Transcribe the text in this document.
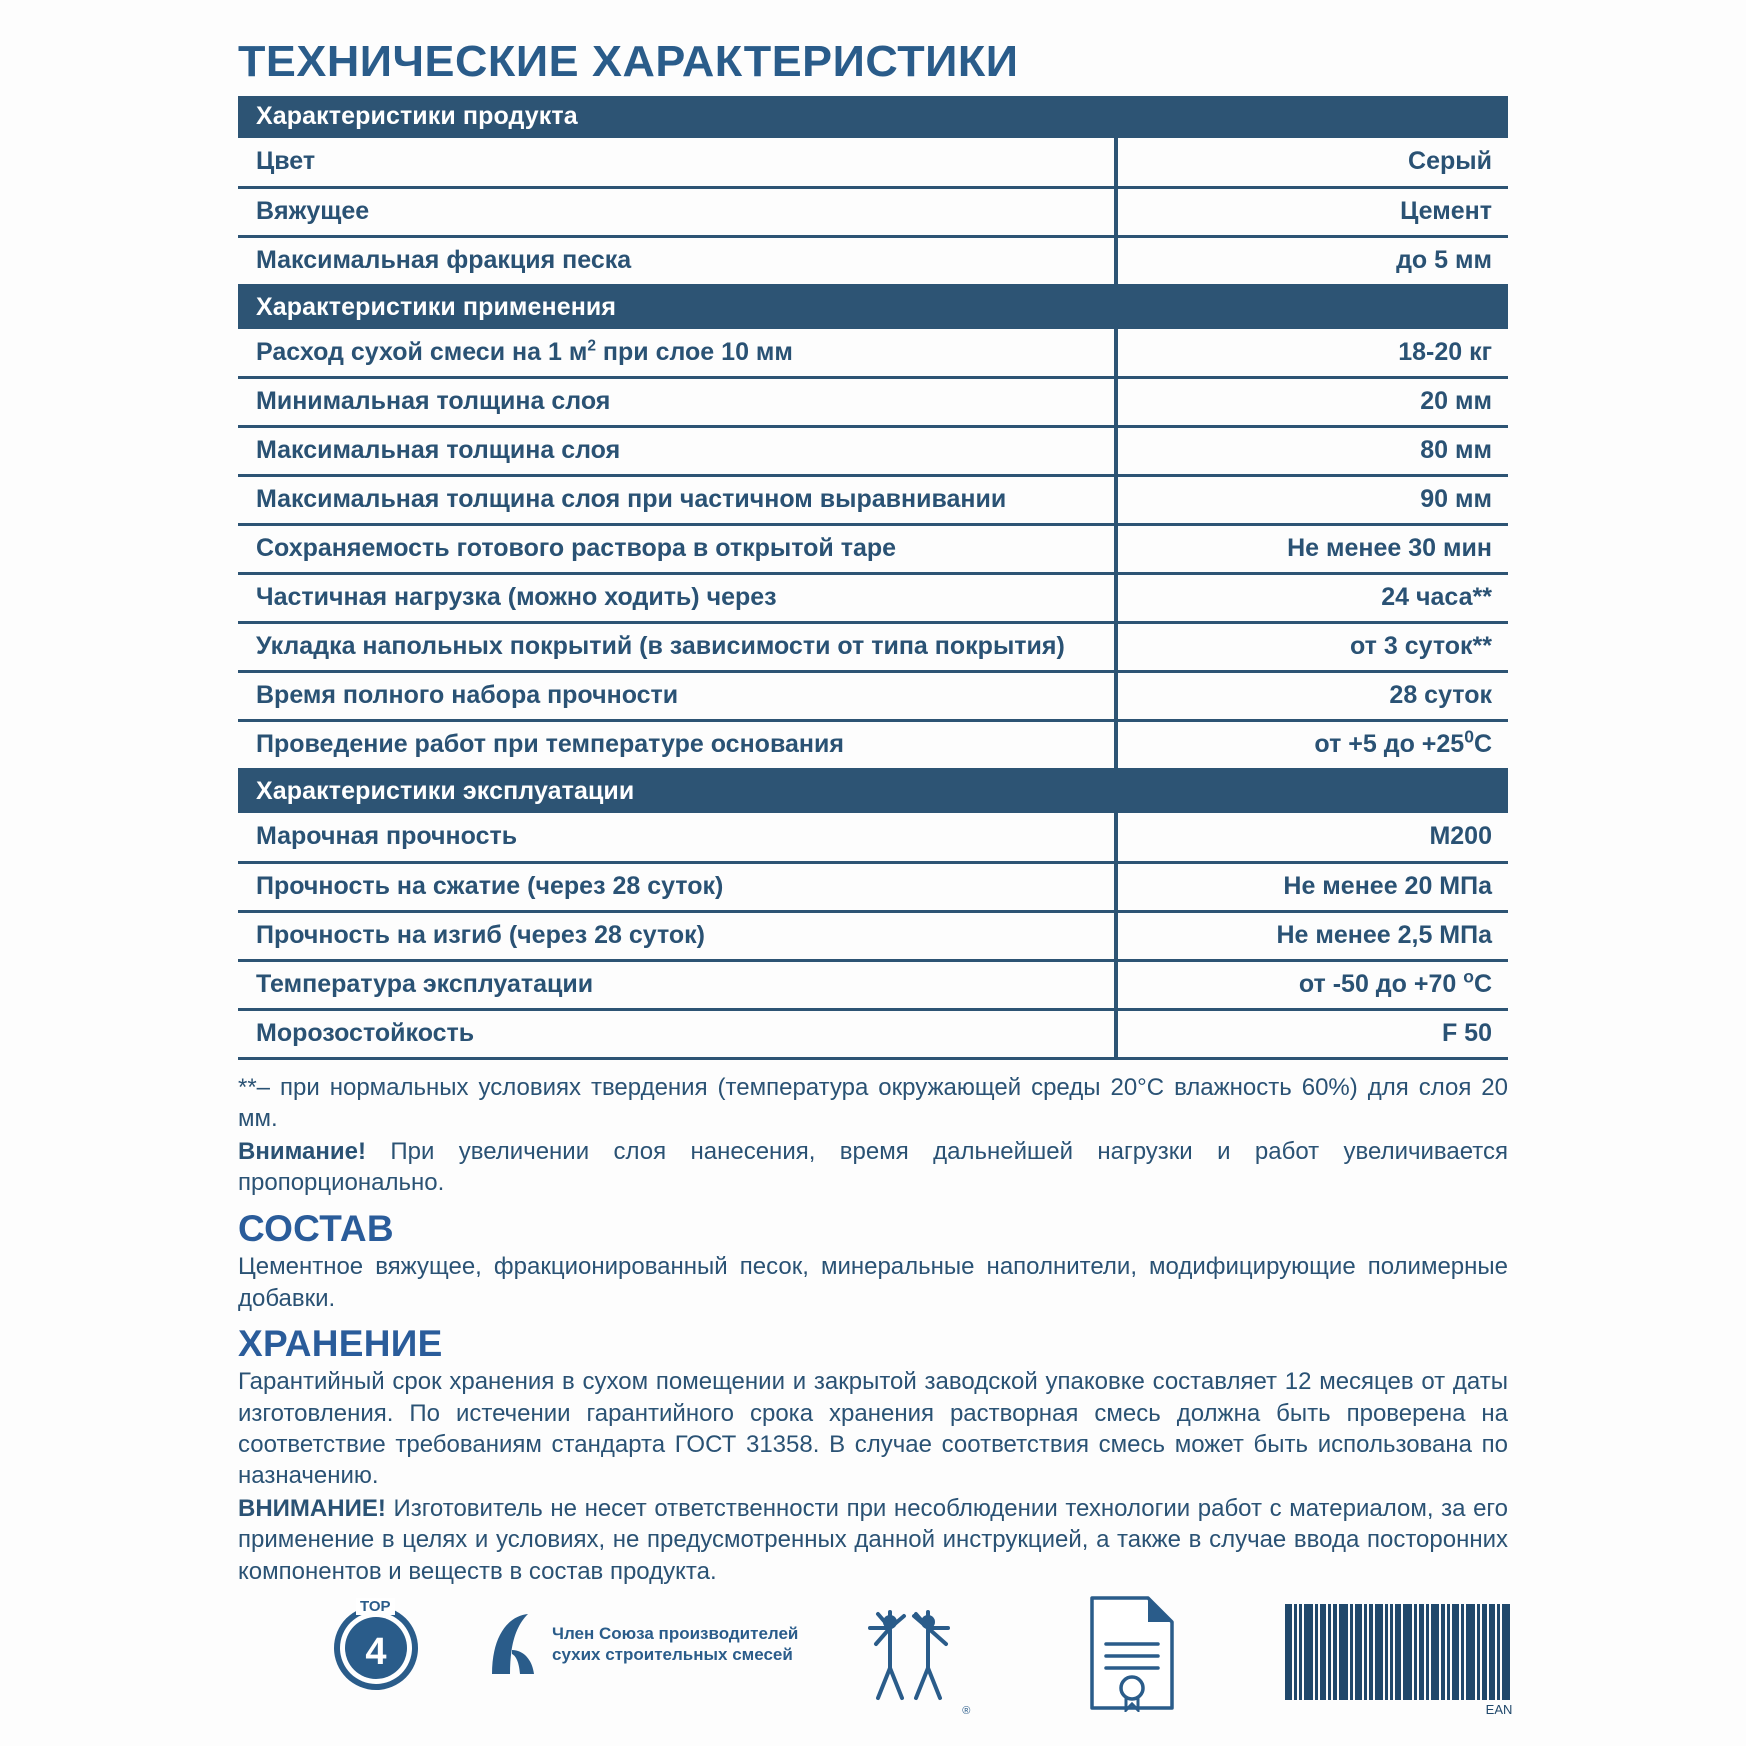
ТЕХНИЧЕСКИЕ ХАРАКТЕРИСТИКИ
Характеристики продукта	
Цвет	Серый
Вяжущее	Цемент
Максимальная фракция песка	до 5 мм
Характеристики применения	
Расход сухой смеси на 1 $м^2$ при слое 10 мм	18-20 кг
Минимальная толщина слоя	20 мм
Максимальная толщина слоя	80 мм
Максимальная толщина слоя при частичном выравнивании	90 мм
Сохраняемость готового раствора в открытой таре	Не менее 30 мин
Частичная нагрузка (можно ходить) через	24 часа**
Укладка напольных покрытий (в зависимости от типа покрытия)	от 3 суток**
Время полного набора прочности	28 суток
Проведение работ при температуре основания	от +5 до $+25^0С$
Характеристики эксплуатации	
Марочная прочность	М200
Прочность на сжатие (через 28 суток)	Не менее 20 МПа
Прочность на изгиб (через 28 суток)	Не менее 2,5 МПа
Температура эксплуатации	от -50 до +70 $^о$С
Морозостойкость	F 50

**– при нормальных условиях твердения (температура окружающей среды 20°С влажность 60%) для слоя 20 мм.

Внимание! При увеличении слоя нанесения, время дальнейшей нагрузки и работ увеличивается пропорционально.

СОСТАВ

Цементное вяжущее, фракционированный песок, минеральные наполнители, модифицирующие полимерные добавки.

ХРАНЕНИЕ

Гарантийный срок хранения в сухом помещении и закрытой заводской упаковке составляет 12 месяцев от даты изготовления. По истечении гарантийного срока хранения растворная смесь должна быть проверена на соответствие требованиям стандарта ГОСТ 31358. В случае соответствия смесь может быть использована по назначению.

ВНИМАНИЕ! Изготовитель не несет ответственности при несоблюдении технологии работ с материалом, за его применение в целях и условиях, не предусмотренных данной инструкцией, а также в случае ввода посторонних компонентов и веществ в состав продукта.

4
TOP
Член Союза производителей
сухих строительных смесей
®	EAN
